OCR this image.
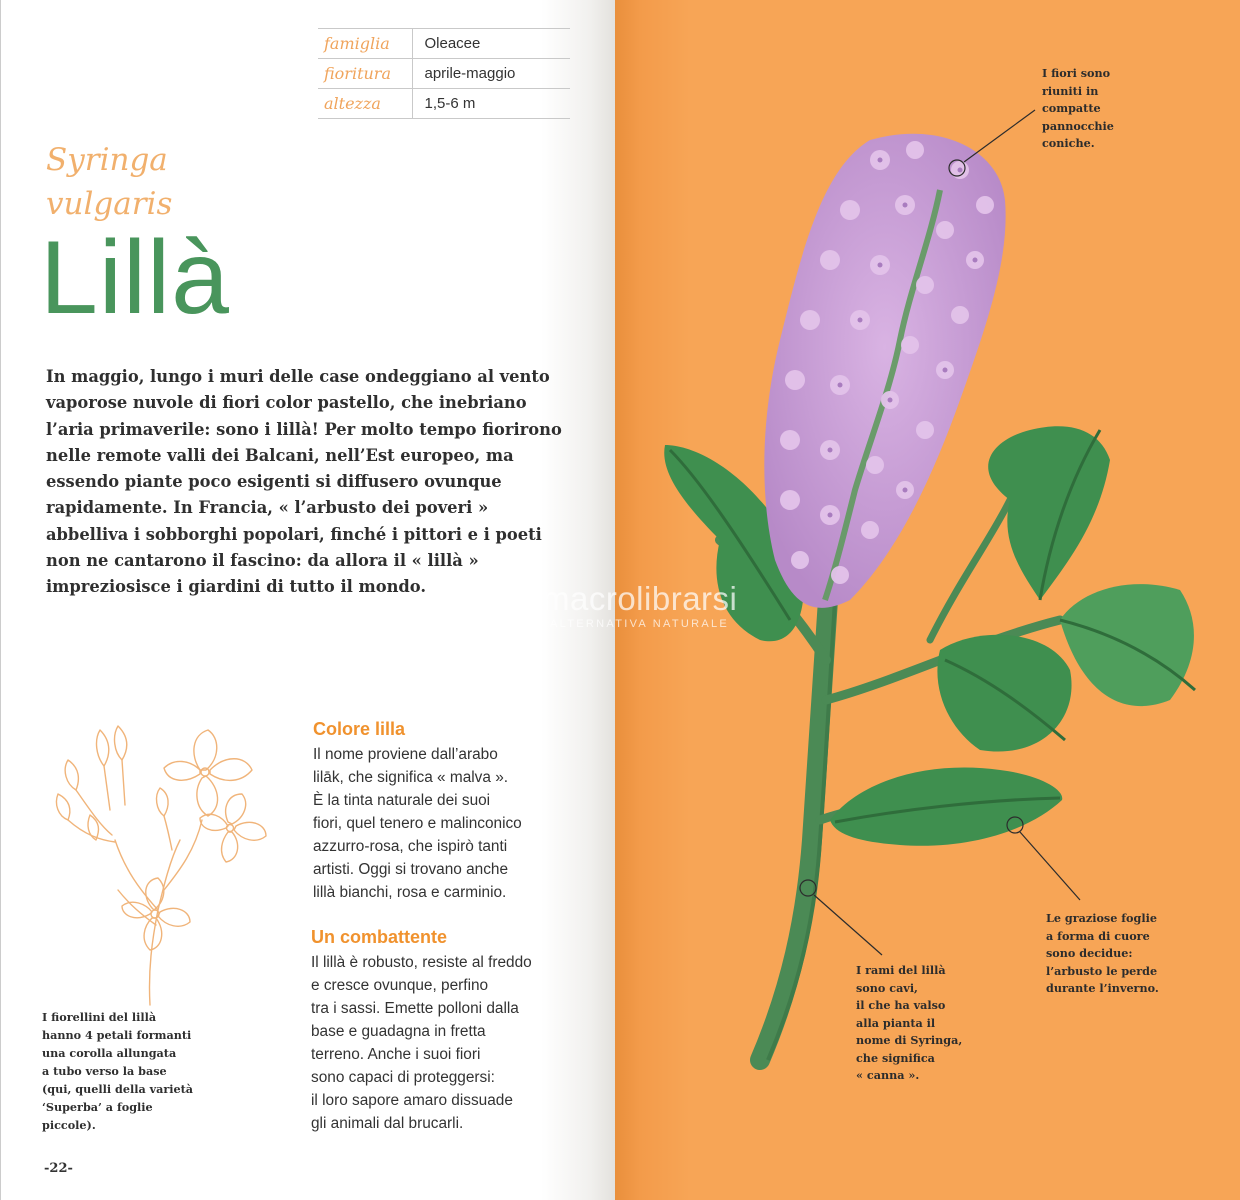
famiglia	Oleacee
fioritura	aprile-maggio
altezza	1,5-6 m
Syringa vulgaris
Lillà
In maggio, lungo i muri delle case ondeggiano al vento
vaporose nuvole di fiori color pastello, che inebriano
l’aria primaverile: sono i lillà! Per molto tempo fiorirono
nelle remote valli dei Balcani, nell’Est europeo, ma
essendo piante poco esigenti si diffusero ovunque
rapidamente. In Francia, « l’arbusto dei poveri »
abbelliva i sobborghi popolari, finché i pittori e i poeti
non ne cantarono il fascino: da allora il « lillà »
impreziosisce i giardini di tutto il mondo.
I fiorellini del lillà
hanno 4 petali formanti
una corolla allungata
a tubo verso la base
(qui, quelli della varietà
‘Superba’ a foglie
piccole).
Colore lilla
Il nome proviene dall’arabo
lilāk, che significa « malva ».
È la tinta naturale dei suoi
fiori, quel tenero e malinconico
azzurro-rosa, che ispirò tanti
artisti. Oggi si trovano anche
lillà bianchi, rosa e carminio.
Un combattente
Il lillà è robusto, resiste al freddo
e cresce ovunque, perfino
tra i sassi. Emette polloni dalla
base e guadagna in fretta
terreno. Anche i suoi fiori
sono capaci di proteggersi:
il loro sapore amaro dissuade
gli animali dal brucarli.
-22-
I fiori sono
riuniti in
compatte
pannocchie
coniche.
Le graziose foglie
a forma di cuore
sono decidue:
l’arbusto le perde
durante l’inverno.
I rami del lillà
sono cavi,
il che ha valso
alla pianta il
nome di Syringa,
che significa
« canna ».
macrolibrarsi
ALTERNATIVA NATURALE
